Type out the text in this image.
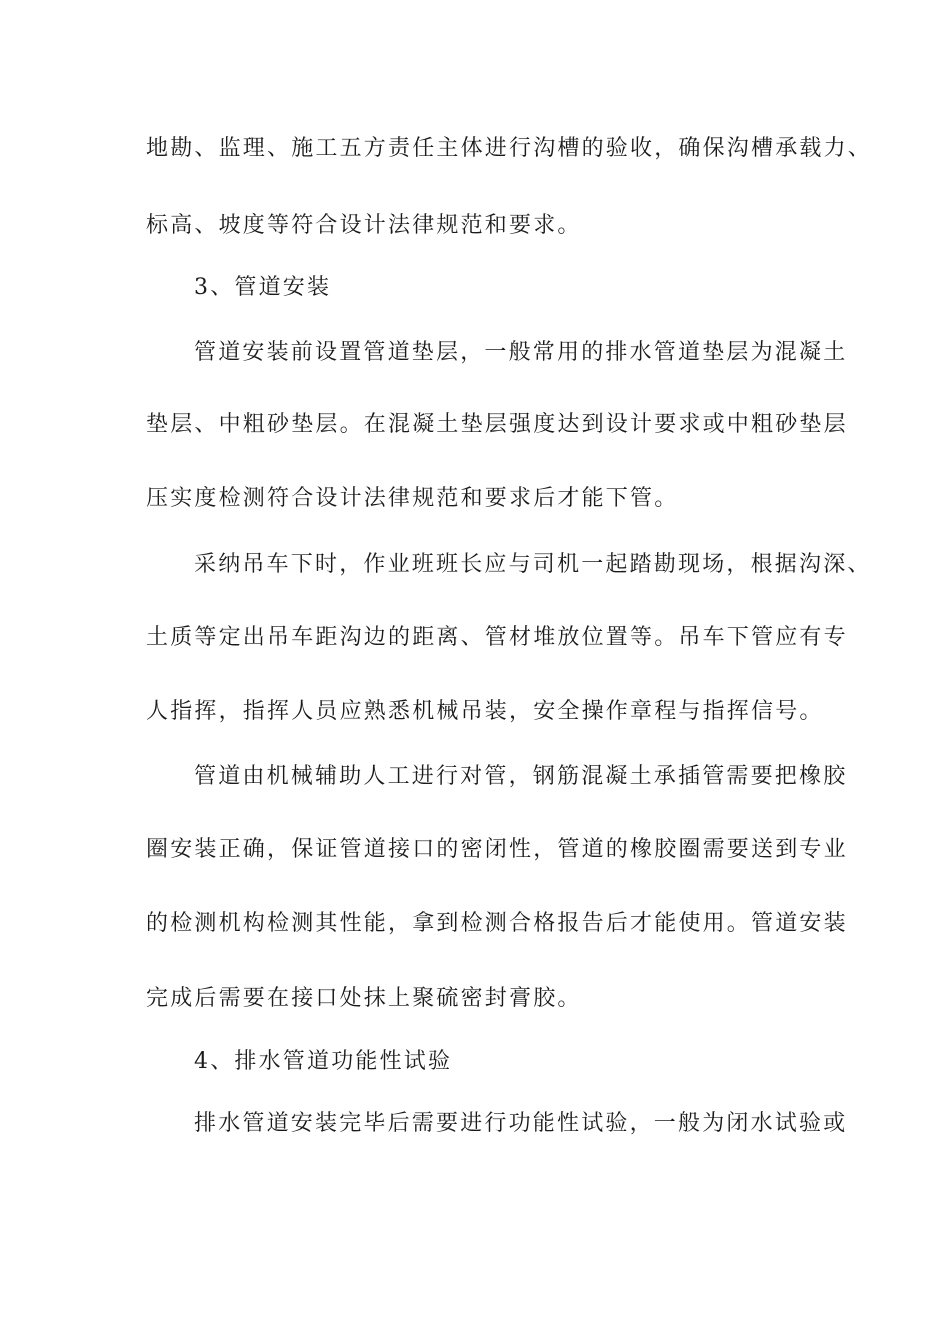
地勘、监理、施工五方责任主体进行沟槽的验收，确保沟槽承载力、
标高、坡度等符合设计法律规范和要求。
3、管道安装
管道安装前设置管道垫层，一般常用的排水管道垫层为混凝土
垫层、中粗砂垫层。在混凝土垫层强度达到设计要求或中粗砂垫层
压实度检测符合设计法律规范和要求后才能下管。
采纳吊车下时，作业班班长应与司机一起踏勘现场，根据沟深、
土质等定出吊车距沟边的距离、管材堆放位置等。吊车下管应有专
人指挥，指挥人员应熟悉机械吊装，安全操作章程与指挥信号。
管道由机械辅助人工进行对管，钢筋混凝土承插管需要把橡胶
圈安装正确，保证管道接口的密闭性，管道的橡胶圈需要送到专业
的检测机构检测其性能，拿到检测合格报告后才能使用。管道安装
完成后需要在接口处抹上聚硫密封膏胶。
4、排水管道功能性试验
排水管道安装完毕后需要进行功能性试验，一般为闭水试验或
